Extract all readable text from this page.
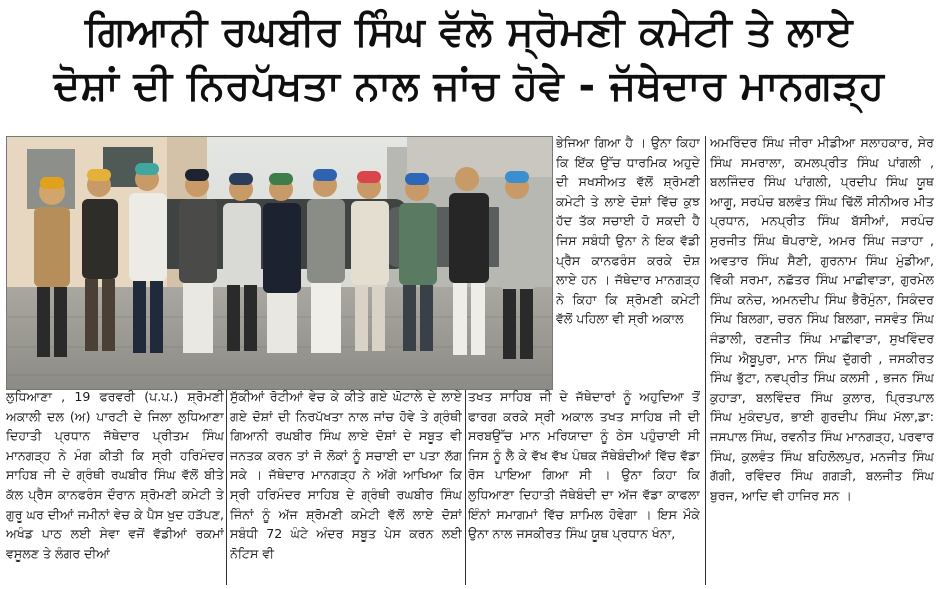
ਗਿਆਨੀ ਰਘਬੀਰ ਸਿੰਘ ਵੱਲੋ ਸ੍ਰੋਮਣੀ ਕਮੇਟੀ ਤੇ ਲਾਏ
ਦੋਸ਼ਾਂ ਦੀ ਨਿਰਪੱਖਤਾ ਨਾਲ ਜਾਂਚ ਹੋਵੇ - ਜੱਥੇਦਾਰ ਮਾਨਗੜ੍ਹ
ਭੇਜਿਆ ਗਿਆ ਹੈ । ਉਨਾ ਕਿਹਾ ਕਿ ਇੱਕ ਉੱਚ ਧਾਰਮਿਕ ਅਹੁਦੇ ਦੀ ਸਖਸੀਅਤ ਵੱਲੋਂ ਸ਼੍ਰੋਮਣੀ ਕਮੇਟੀ ਤੇ ਲਾਏ ਦੋਸ਼ਾਂ ਵਿੱਚ ਕੁਝ ਹੱਦ ਤੱਕ ਸਚਾਈ ਹੋ ਸਕਦੀ ਹੈ ਜਿਸ ਸਬੰਧੀ ਉਨਾ ਨੇ ਇਕ ਵੱਡੀ ਪ੍ਰੈਸ ਕਾਨਫਰੰਸ ਕਰਕੇ ਦੋਸ਼ ਲਾਏ ਹਨ । ਜੱਥੇਦਾਰ ਮਾਨਗੜ੍ਹ ਨੇ ਕਿਹਾ ਕਿ ਸ਼੍ਰੋਮਣੀ ਕਮੇਟੀ ਵੱਲੋਂ ਪਹਿਲਾ ਵੀ ਸ੍ਰੀ ਅਕਾਲ
ਲੁਧਿਆਣਾ , 19 ਫਰਵਰੀ (ਪ.ਪ.) ਸ਼੍ਰੋਮਣੀ ਅਕਾਲੀ ਦਲ (ਅ) ਪਾਰਟੀ ਦੇ ਜਿਲਾ ਲੁਧਿਆਣਾ ਦਿਹਾਤੀ ਪ੍ਰਧਾਨ ਜੱਥੇਦਾਰ ਪ੍ਰੀਤਮ ਸਿੰਘ ਮਾਨਗੜ੍ਹ ਨੇ ਮੰਗ ਕੀਤੀ ਕਿ ਸ੍ਰੀ ਹਰਿਮੰਦਰ ਸਾਹਿਬ ਜੀ ਦੇ ਗ੍ਰੰਥੀ ਰਘਬੀਰ ਸਿੰਘ ਵੱਲੋਂ ਬੀਤੇ ਕੱਲ ਪ੍ਰੈਸ ਕਾਨਫਰੰਸ ਦੌਰਾਨ ਸ਼੍ਰੋਮਣੀ ਕਮੇਟੀ ਤੇ ਗੁਰੂ ਘਰ ਦੀਆਂ ਜਮੀਨਾਂ ਵੇਚ ਕੇ ਪੈਸ ਖੁਦ ਹੜੱਪਣ, ਅਖੰਡ ਪਾਠ ਲਈ ਸੇਵਾ ਵਜੋਂ ਵੱਡੀਆਂ ਰਕਮਾਂ ਵਸੂਲਣ ਤੇ ਲੰਗਰ ਦੀਆਂ
ਸੁੱਕੀਆਂ ਰੋਟੀਆਂ ਵੇਚ ਕੇ ਕੀਤੇ ਗਏ ਘੋਟਾਲੇ ਦੇ ਲਾਏ ਗਏ ਦੋਸ਼ਾਂ ਦੀ ਨਿਰਪੱਖਤਾ ਨਾਲ ਜਾਂਚ ਹੋਵੇ ਤੇ ਗ੍ਰੰਥੀ ਗਿਆਨੀ ਰਘਬੀਰ ਸਿੰਘ ਲਾਏ ਦੋਸ਼ਾਂ ਦੇ ਸਬੂਤ ਵੀ ਜਨਤਕ ਕਰਨ ਤਾਂ ਜੋ ਲੋਕਾਂ ਨੂੰ ਸਚਾਈ ਦਾ ਪਤਾ ਲੱਗ ਸਕੇ । ਜੱਥੇਦਾਰ ਮਾਨਗੜ੍ਹ ਨੇ ਅੱਗੇ ਆਖਿਆ ਕਿ ਸ੍ਰੀ ਹਰਿਮੰਦਰ ਸਾਹਿਬ ਦੇ ਗ੍ਰੰਥੀ ਰਘਬੀਰ ਸਿੰਘ ਜਿੰਨਾਂ ਨੂੰ ਅੱਜ ਸ਼੍ਰੋਮਣੀ ਕਮੇਟੀ ਵੱਲੋਂ ਲਾਏ ਦੋਸ਼ਾਂ ਸਬੰਧੀ 72 ਘੰਟੇ ਅੰਦਰ ਸਬੂਤ ਪੇਸ ਕਰਨ ਲਈ ਨੋਟਿਸ ਵੀ
ਤਖਤ ਸਾਹਿਬ ਜੀ ਦੇ ਜੱਥੇਦਾਰਾਂ ਨੂੰ ਅਹੁਦਿਆ ਤੋਂ ਫਾਰਗ ਕਰਕੇ ਸ੍ਰੀ ਅਕਾਲ ਤਖਤ ਸਾਹਿਬ ਜੀ ਦੀ ਸਰਬਉੱਚ ਮਾਨ ਮਰਿਯਾਦਾ ਨੂੰ ਠੇਸ ਪਹੁੰਚਾਈ ਸੀ ਜਿਸ ਨੂੰ ਲੈ ਕੇ ਵੱਖ ਵੱਖ ਪੰਥਕ ਜੱਥੇਬੰਦੀਆਂ ਵਿੱਚ ਵੱਡਾ ਰੋਸ ਪਾਇਆ ਗਿਆ ਸੀ । ਉਨਾ ਕਿਹਾ ਕਿ ਲੁਧਿਆਣਾ ਦਿਹਾਤੀ ਜੱਥੇਬੰਦੀ ਦਾ ਅੱਜ ਵੱਡਾ ਕਾਫਲਾ ਇੰਨਾਂ ਸਮਾਗਮਾਂ ਵਿੱਚ ਸ਼ਾਮਿਲ ਹੋਵੇਗਾ । ਇਸ ਮੌਕੇ ਉਨਾ ਨਾਲ ਜਸਕੀਰਤ ਸਿੰਘ ਯੂਥ ਪ੍ਰਧਾਨ ਖੰਨਾ,
ਅਮਰਿੰਦਰ ਸਿੰਘ ਜੀਰਾ ਮੀਡੀਆ ਸਲਾਹਕਾਰ, ਸੇਰ ਸਿੰਘ ਸਮਰਾਲਾ, ਕਮਲਪ੍ਰੀਤ ਸਿੰਘ ਪਾਂਗਲੀ , ਬਲਜਿੰਦਰ ਸਿੰਘ ਪਾਂਗਲੀ, ਪ੍ਰਦੀਪ ਸਿੰਘ ਯੂਥ ਆਗੂ, ਸਰਪੰਚ ਬਲਵੰਤ ਸਿੰਘ ਢਿੱਲੋਂ ਸੀਨੀਅਰ ਮੀਤ ਪ੍ਰਧਾਨ, ਮਨਪ੍ਰੀਤ ਸਿੰਘ ਬੱਸੀਆਂ, ਸਰਪੰਚ ਸੁਰਜੀਤ ਸਿੰਘ ਥੋਪਰਾਏ, ਅਮਰ ਸਿੰਘ ਜੜਾਹਾ , ਅਵਤਾਰ ਸਿੰਘ ਸੈਣੀ, ਗੁਰਨਾਮ ਸਿੰਘ ਮੁੰਡੀਆ, ਵਿੱਕੀ ਸਰਮਾ, ਨਛੱਤਰ ਸਿੰਘ ਮਾਛੀਵਾੜਾ, ਗੁਰਮੇਲ ਸਿੰਘ ਕਨੇਚ, ਅਮਨਦੀਪ ਸਿੰਘ ਭੈਰੋਮੁੰਨਾ, ਸਿਕੰਦਰ ਸਿੰਘ ਬਿਲਗਾ, ਚਰਨ ਸਿੰਘ ਬਿਲਗਾ, ਜਸਵੰਤ ਸਿੰਘ ਜੰਡਾਲੀ, ਰਣਜੀਤ ਸਿੰਘ ਮਾਛੀਵਾੜਾ, ਸੁਖਵਿੰਦਰ ਸਿੰਘ ਐਬੂਪੁਰਾ, ਮਾਨ ਸਿੰਘ ਦੁੱਗਰੀ , ਜਸਕੀਰਤ ਸਿੰਘ ਭੁੱਟਾ, ਨਵਪ੍ਰੀਤ ਸਿੰਘ ਕਲਸੀ , ਭਜਨ ਸਿੰਘ ਕੁਹਾੜਾ, ਬਲਵਿੰਦਰ ਸਿੰਘ ਕੁਲਾਰ, ਪ੍ਰਿਤਪਾਲ ਸਿੰਘ ਮੁਕੰਦਪੁਰ, ਭਾਈ ਗੁਰਦੀਪ ਸਿੰਘ ਮੱਲਾ,ਡਾ: ਜਸਪਾਲ ਸਿੰਘ, ਰਵਨੀਤ ਸਿੰਘ ਮਾਨਗੜ੍ਹ, ਪਰਵਾਰ ਸਿੰਘ, ਕੁਲਵੰਤ ਸਿੰਘ ਬਹਿਲੋਲਪੁਰ, ਮਨਜੀਤ ਸਿੰਘ ਗੱਗੀ, ਰਵਿੰਦਰ ਸਿੰਘ ਗਗੜੀ, ਬਲਜੀਤ ਸਿੰਘ ਬੁਰਜ, ਆਦਿ ਵੀ ਹਾਜਿਰ ਸਨ ।
